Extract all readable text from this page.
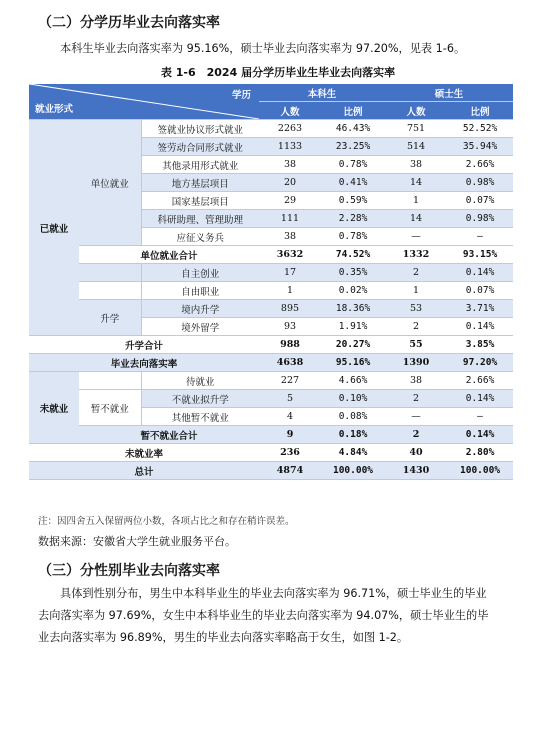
（二）分学历毕业去向落实率
本科生毕业去向落实率为 95.16%，硕士毕业去向落实率为 97.20%，见表 1-6。
表 1-6　2024 届分学历毕业生毕业去向落实率
学历
就业形式			本科生		硕士生	
			人数	比例	人数	比例
已就业	单位就业	签就业协议形式就业	2263	46.43%	751	52.52%
		签劳动合同形式就业	1133	23.25%	514	35.94%
		其他录用形式就业	38	0.78%	38	2.66%
		地方基层项目	20	0.41%	14	0.98%
		国家基层项目	29	0.59%	1	0.07%
		科研助理、管理助理	111	2.28%	14	0.98%
		应征义务兵	38	0.78%	—	—
	单位就业合计		3632	74.52%	1332	93.15%
		自主创业	17	0.35%	2	0.14%
		自由职业	1	0.02%	1	0.07%
	升学	境内升学	895	18.36%	53	3.71%
		境外留学	93	1.91%	2	0.14%
升学合计			988	20.27%	55	3.85%
毕业去向落实率			4638	95.16%	1390	97.20%
未就业		待就业	227	4.66%	38	2.66%
	暂不就业	不就业拟升学	5	0.10%	2	0.14%
		其他暂不就业	4	0.08%	—	—
	暂不就业合计		9	0.18%	2	0.14%
未就业率			236	4.84%	40	2.80%
总计			4874	100.00%	1430	100.00%
注：因四舍五入保留两位小数，各项占比之和存在稍许误差。
数据来源：安徽省大学生就业服务平台。
（三）分性别毕业去向落实率
具体到性别分布，男生中本科毕业生的毕业去向落实率为 96.71%，硕士毕业生的毕业
去向落实率为 97.69%，女生中本科毕业生的毕业去向落实率为 94.07%，硕士毕业生的毕
业去向落实率为 96.89%，男生的毕业去向落实率略高于女生，如图 1-2。
